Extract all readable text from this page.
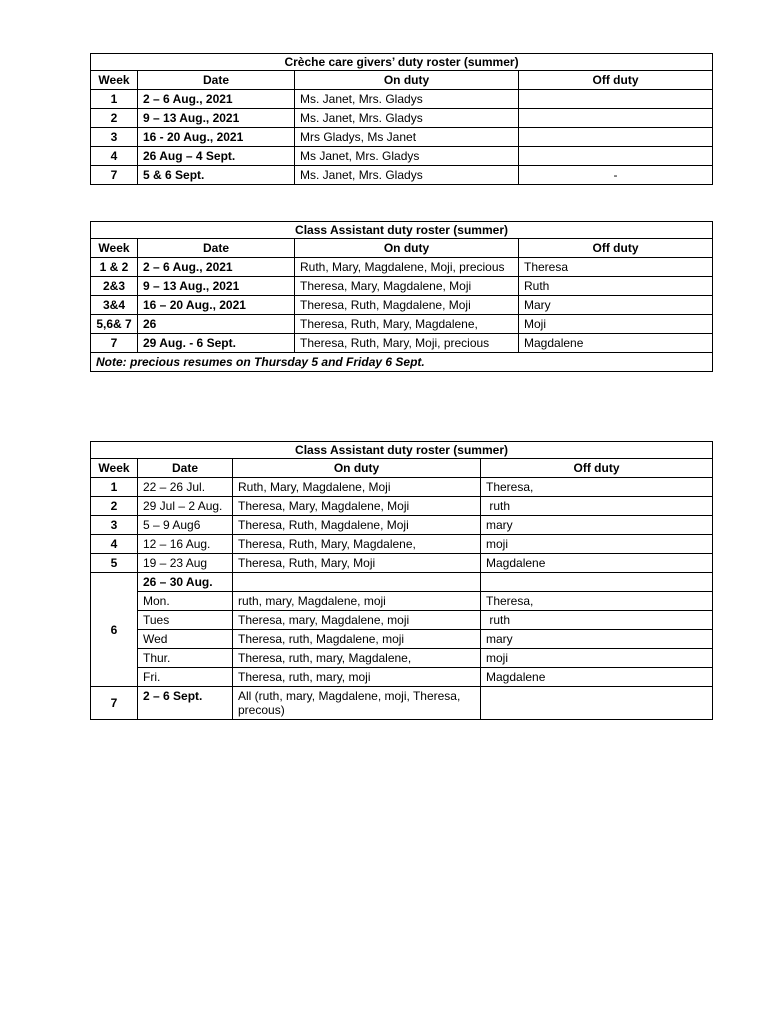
Crèche care givers’ duty roster (summer)			
Week	Date	On duty	Off duty
1	2 – 6 Aug., 2021	Ms. Janet, Mrs. Gladys	
2	9 – 13 Aug., 2021	Ms. Janet, Mrs. Gladys	
3	16 - 20 Aug., 2021	Mrs Gladys, Ms Janet	
4	26 Aug – 4 Sept.	Ms Janet, Mrs. Gladys	
7	5 & 6 Sept.	Ms. Janet, Mrs. Gladys	-
Class Assistant duty roster (summer)			
Week	Date	On duty	Off duty
1 & 2	2 – 6 Aug., 2021	Ruth, Mary, Magdalene, Moji, precious	Theresa
2&3	9 – 13 Aug., 2021	Theresa, Mary, Magdalene, Moji	Ruth
3&4	16 – 20 Aug., 2021	Theresa, Ruth, Magdalene, Moji	Mary
5,6& 7	26	Theresa, Ruth, Mary, Magdalene,	Moji
7	29 Aug. - 6 Sept.	Theresa, Ruth, Mary, Moji, precious	Magdalene
Note: precious resumes on Thursday 5 and Friday 6 Sept.			
Class Assistant duty roster (summer)			
Week	Date	On duty	Off duty
1	22 – 26 Jul.	Ruth, Mary, Magdalene, Moji	Theresa,
2	29 Jul – 2 Aug.	Theresa, Mary, Magdalene, Moji	ruth
3	5 – 9 Aug6	Theresa, Ruth, Magdalene, Moji	mary
4	12 – 16 Aug.	Theresa, Ruth, Mary, Magdalene,	moji
5	19 – 23 Aug	Theresa, Ruth, Mary, Moji	Magdalene
6	26 – 30 Aug.		
	Mon.	ruth, mary, Magdalene, moji	Theresa,
	Tues	Theresa, mary, Magdalene, moji	ruth
	Wed	Theresa, ruth, Magdalene, moji	mary
	Thur.	Theresa, ruth, mary, Magdalene,	moji
	Fri.	Theresa, ruth, mary, moji	Magdalene
7	2 – 6 Sept.	All (ruth, mary, Magdalene, moji, Theresa, precous)	
